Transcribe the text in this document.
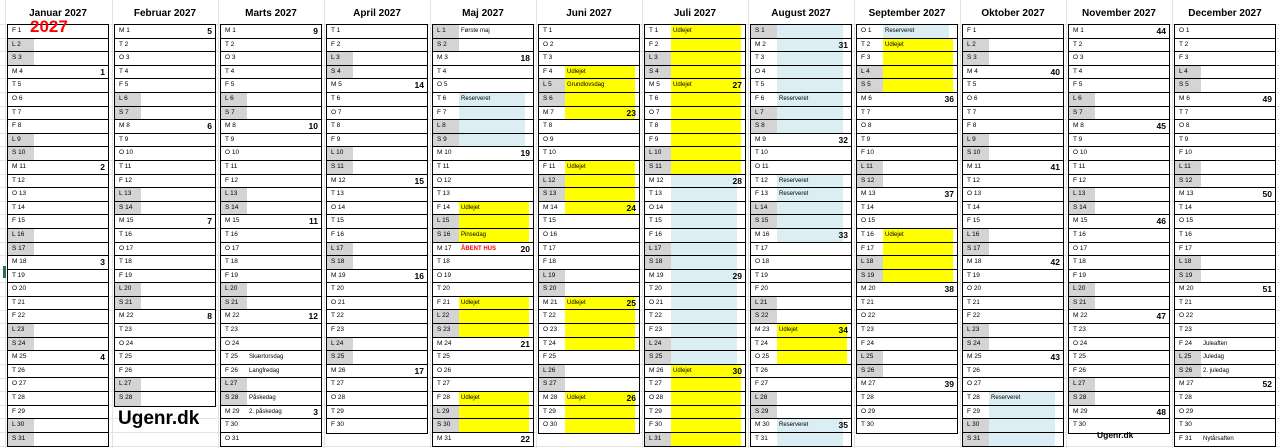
Januar 2027
F 1
L 2
S 3
M 4	1
T 5
O 6
T 7
F 8
L 9
S 10
M 11	2
T 12
O 13
T 14
F 15
L 16
S 17
M 18	3
T 19
O 20
T 21
F 22
L 23
S 24
M 25	4
T 26
O 27
T 28
F 29
L 30
S 31
Februar 2027
M 1	5
T 2
O 3
T 4
F 5
L 6
S 7
M 8	6
T 9
O 10
T 11
F 12
L 13
S 14
M 15	7
T 16
O 17
T 18
F 19
L 20
S 21
M 22	8
T 23
O 24
T 25
F 26
L 27
S 28
Marts 2027
M 1	9
T 2
O 3
T 4
F 5
L 6
S 7
M 8	10
T 9
O 10
T 11
F 12
L 13
S 14
M 15	11
T 16
O 17
T 18
F 19
L 20
S 21
M 22	12
T 23
O 24
T 25	Skærtorsdag
F 26	Langfredag
L 27
S 28	Påskedag
M 29	2. påskedag	3
T 30
O 31
April 2027
T 1
F 2
L 3
S 4
M 5	14
T 6
O 7
T 8
F 9
L 10
S 11
M 12	15
T 13
O 14
T 15
F 16
L 17
S 18
M 19	16
T 20
O 21
T 22
F 23
L 24
S 25
M 26	17
T 27
O 28
T 29
F 30
Maj 2027
L 1	Første maj
S 2
M 3	18
T 4
O 5
T 6	Reserveret
F 7
L 8
S 9
M 10	19
T 11
O 12
T 13
F 14	Udlejet
L 15
S 16	Pinsedag
M 17	ÅBENT HUS	20
T 18
O 19
T 20
F 21	Udlejet
L 22
S 23
M 24	21
T 25
O 26
T 27
F 28	Udlejet
L 29
S 30
M 31	22
Juni 2027
T 1
O 2
T 3
F 4	Udlejet
L 5	Grundlovsdag
S 6
M 7	23
T 8
O 9
T 10
F 11	Udlejet
L 12
S 13
M 14	24
T 15
O 16
T 17
F 18
L 19
S 20
M 21	Udlejet	25
T 22
O 23
T 24
F 25
L 26
S 27
M 28	Udlejet	26
T 29
O 30
Juli 2027
T 1	Udlejet
F 2
L 3
S 4
M 5	Udlejet	27
T 6
O 7
T 8
F 9
L 10
S 11
M 12	28
T 13
O 14
T 15
F 16
L 17
S 18
M 19	29
T 20
O 21
T 22
F 23
L 24
S 25
M 26	Udlejet	30
T 27
O 28
T 29
F 30
L 31
August 2027
S 1
M 2	31
T 3
O 4
T 5
F 6	Reserveret
L 7
S 8
M 9	32
T 10
O 11
T 12	Reserveret
F 13	Reserveret
L 14
S 15
M 16	33
T 17
O 18
T 19
F 20
L 21
S 22
M 23	Udlejet	34
T 24
O 25
T 26
F 27
L 28
S 29
M 30	Reserveret	35
T 31
September 2027
O 1	Reserveret
T 2	Udlejet
F 3
L 4
S 5
M 6	36
T 7
O 8
T 9
F 10
L 11
S 12
M 13	37
T 14
O 15
T 16	Udlejet
F 17
L 18
S 19
M 20	38
T 21
O 22
T 23
F 24
L 25
S 26
M 27	39
T 28
O 29
T 30
Oktober 2027
F 1
L 2
S 3
M 4	40
T 5
O 6
T 7
F 8
L 9
S 10
M 11	41
T 12
O 13
T 14
F 15
L 16
S 17
M 18	42
T 19
O 20
T 21
F 22
L 23
S 24
M 25	43
T 26
O 27
T 28	Reserveret
F 29
L 30
S 31
November 2027
M 1	44
T 2
O 3
T 4
F 5
L 6
S 7
M 8	45
T 9
O 10
T 11
F 12
L 13
S 14
M 15	46
T 16
O 17
T 18
F 19
L 20
S 21
M 22	47
T 23
O 24
T 25
F 26
L 27
S 28
M 29	48
T 30
December 2027
O 1
T 2
F 3
L 4
S 5
M 6	49
T 7
O 8
T 9
F 10
L 11
S 12
M 13	50
T 14
O 15
T 16
F 17
L 18
S 19
M 20	51
T 21
O 22
T 23
F 24	Juleaften
L 25	Juledag
S 26	2. juledag
M 27	52
T 28
O 29
T 30
F 31	Nytårsaften
2027
Ugenr.dk
Ugenr.dk
